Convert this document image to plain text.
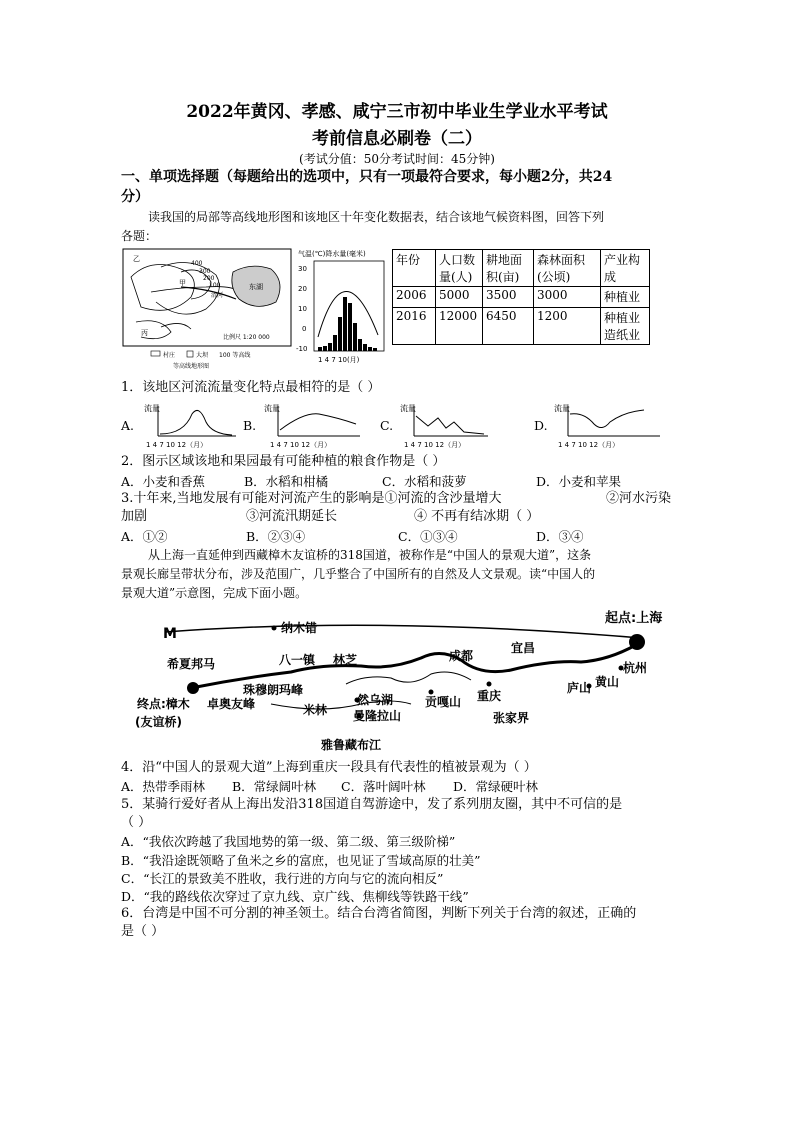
2022年黄冈、孝感、咸宁三市初中毕业生学业水平考试
考前信息必刷卷（二）
(考试分值：50分考试时间：45分钟)
一、单项选择题（每题给出的选项中，只有一项最符合要求，每小题2分，共24
分）
读我国的局部等高线地形图和该地区十年变化数据表，结合该地气候资料图，回答下列
各题：
乙
400
300
200
100
甲
清河
东湖
丙
比例尺 1:20 000
村庄	大坝 100 等高线
等高线地形图
气温(℃)降水量(毫米)
30
20
10
0
-10
1 4 7 10(月)
年份	人口数量(人)	耕地面积(亩)	森林面积(公顷)	产业构成
2006	5000	3500	3000	种植业
2016	12000	6450	1200	种植业造纸业
1．该地区河流流量变化特点最相符的是（ ）
A.
流量
1 4 7 10 12（月）
B.
流量
1 4 7 10 12（月）
C.
流量
1 4 7 10 12（月）
D.
流量
1 4 7 10 12（月）
2．图示区域该地和果园最有可能种植的粮食作物是（ ）
A．小麦和香蕉	B．水稻和柑橘	C．水稻和菠萝	D．小麦和苹果
3.十年来,当地发展有可能对河流产生的影响是①河流的含沙量增大	②河水污染
加剧	③河流汛期延长	④ 不再有结冰期（ ）
A．①②	B．②③④	C．①③④	D．③④
从上海一直延伸到西藏樟木友谊桥的318国道，被称作是“中国人的景观大道”，这条
景观长廊呈带状分布，涉及范围广，几乎整合了中国所有的自然及人文景观。读“中国人的
景观大道”示意图，完成下面小题。
M	纳木错
起点:上海
宜昌
成都
杭州
黄山
庐山
重庆
张家界
贡嘎山
八一镇 林芝
希夏邦马
珠穆朗玛峰
卓奥友峰
终点:樟木
(友谊桥)
米林
然乌湖
曼隆拉山
雅鲁藏布江
4．沿“中国人的景观大道”上海到重庆一段具有代表性的植被景观为（ ）
A．热带季雨林 B．常绿阔叶林 C．落叶阔叶林 D．常绿硬叶林
5．某骑行爱好者从上海出发沿318国道自驾游途中，发了系列朋友圈，其中不可信的是
（ ）
A．“我依次跨越了我国地势的第一级、第二级、第三级阶梯”
B．“我沿途既领略了鱼米之乡的富庶，也见证了雪域高原的壮美”
C．“长江的景致美不胜收，我行进的方向与它的流向相反”
D．“我的路线依次穿过了京九线、京广线、焦柳线等铁路干线”
6．台湾是中国不可分割的神圣领土。结合台湾省简图，判断下列关于台湾的叙述，正确的
是（ ）
